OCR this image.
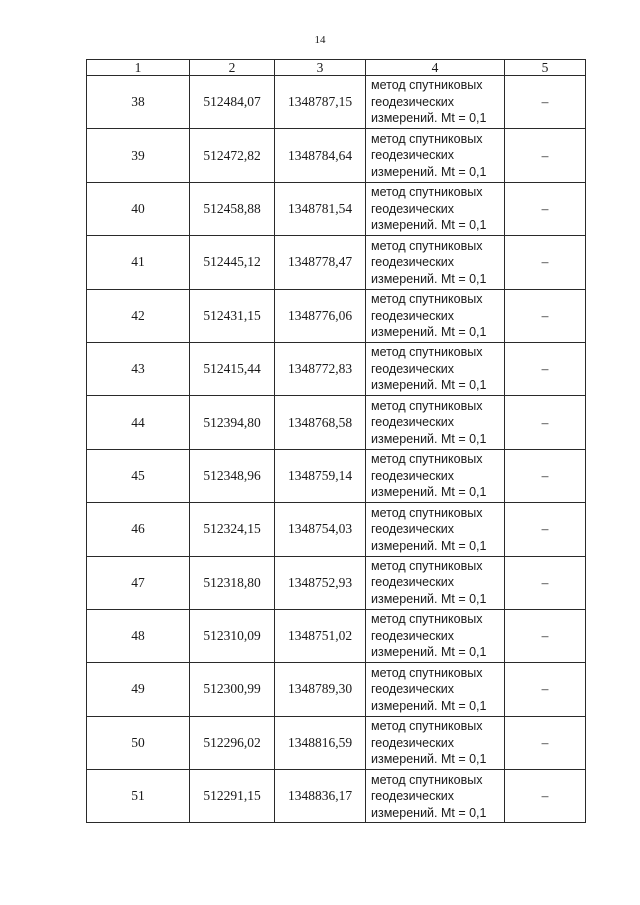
14
1	2	3	4	5
38	512484,07	1348787,15	метод спутниковых
геодезических
измерений. Mt = 0,1	–
39	512472,82	1348784,64	метод спутниковых
геодезических
измерений. Mt = 0,1	–
40	512458,88	1348781,54	метод спутниковых
геодезических
измерений. Mt = 0,1	–
41	512445,12	1348778,47	метод спутниковых
геодезических
измерений. Mt = 0,1	–
42	512431,15	1348776,06	метод спутниковых
геодезических
измерений. Mt = 0,1	–
43	512415,44	1348772,83	метод спутниковых
геодезических
измерений. Mt = 0,1	–
44	512394,80	1348768,58	метод спутниковых
геодезических
измерений. Mt = 0,1	–
45	512348,96	1348759,14	метод спутниковых
геодезических
измерений. Mt = 0,1	–
46	512324,15	1348754,03	метод спутниковых
геодезических
измерений. Mt = 0,1	–
47	512318,80	1348752,93	метод спутниковых
геодезических
измерений. Mt = 0,1	–
48	512310,09	1348751,02	метод спутниковых
геодезических
измерений. Mt = 0,1	–
49	512300,99	1348789,30	метод спутниковых
геодезических
измерений. Mt = 0,1	–
50	512296,02	1348816,59	метод спутниковых
геодезических
измерений. Mt = 0,1	–
51	512291,15	1348836,17	метод спутниковых
геодезических
измерений. Mt = 0,1	–
